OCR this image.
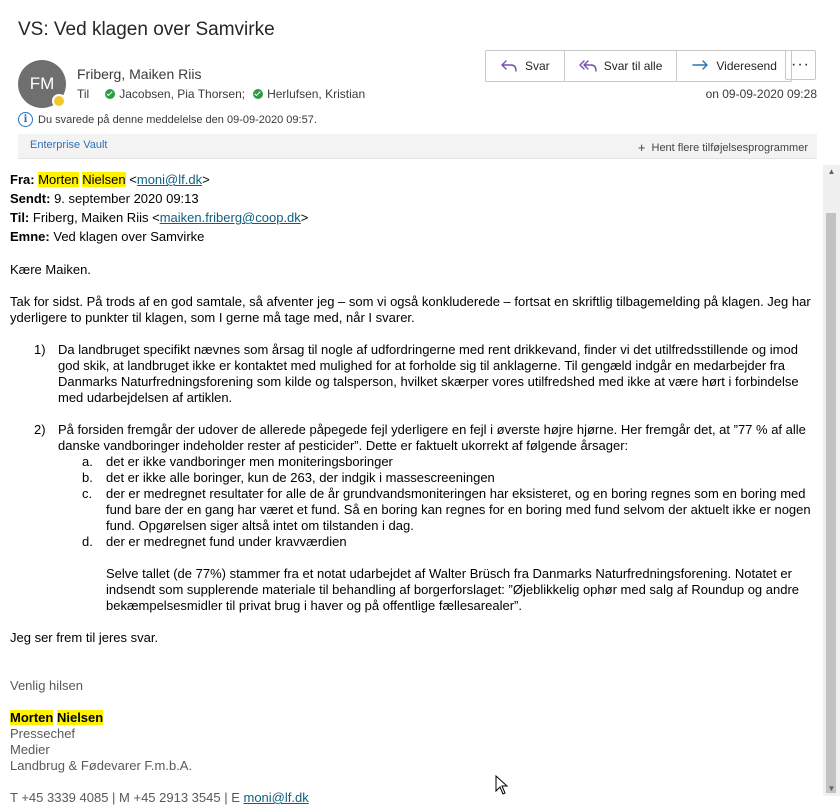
VS: Ved klagen over Samvirke
FM Friberg, Maiken Riis
Til	Jacobsen, Pia Thorsen; Herlufsen, Kristian
Svar	Svar til alle	Videresend ···
on 09-09-2020 09:28
i Du svarede på denne meddelelse den 09-09-2020 09:57.
Enterprise Vault	+ Hent flere tilføjelsesprogrammer
Fra: Morten Nielsen <moni@lf.dk>
Sendt: 9. september 2020 09:13
Til: Friberg, Maiken Riis <maiken.friberg@coop.dk>
Emne: Ved klagen over Samvirke

Kære Maiken.

Tak for sidst. På trods af en god samtale, så afventer jeg – som vi også konkluderede – fortsat en skriftlig tilbagemelding på klagen. Jeg har yderligere to punkter til klagen, som I gerne må tage med, når I svarer.

1) Da landbruget specifikt nævnes som årsag til nogle af udfordringerne med rent drikkevand, finder vi det utilfredsstillende og imod god skik, at landbruget ikke er kontaktet med mulighed for at forholde sig til anklagerne. Til gengæld indgår en medarbejder fra Danmarks Naturfredningsforening som kilde og talsperson, hvilket skærper vores utilfredshed med ikke at være hørt i forbindelse med udarbejdelsen af artiklen.
2) På forsiden fremgår der udover de allerede påpegede fejl yderligere en fejl i øverste højre hjørne. Her fremgår det, at ”77 % af alle danske vandboringer indeholder rester af pesticider”. Dette er faktuelt ukorrekt af følgende årsager:
a.	det er ikke vandboringer men moniteringsboringer
b.	det er ikke alle boringer, kun de 263, der indgik i massescreeningen
c.	der er medregnet resultater for alle de år grundvandsmoniteringen har eksisteret, og en boring regnes som en boring med fund bare der en gang har været et fund. Så en boring kan regnes for en boring med fund selvom der aktuelt ikke er nogen fund. Opgørelsen siger altså intet om tilstanden i dag.
d.	der er medregnet fund under kravværdien

Selve tallet (de 77%) stammer fra et notat udarbejdet af Walter Brüsch fra Danmarks Naturfredningsforening. Notatet er indsendt som supplerende materiale til behandling af borgerforslaget: ”Øjeblikkelig ophør med salg af Roundup og andre bekæmpelsesmidler til privat brug i haver og på offentlige fællesarealer”.

Jeg ser frem til jeres svar.

Venlig hilsen

Morten Nielsen

Pressechef

Medier

Landbrug & Fødevarer F.m.b.A.

T +45 3339 4085 | M +45 2913 3545 | E moni@lf.dk

▲
▼
